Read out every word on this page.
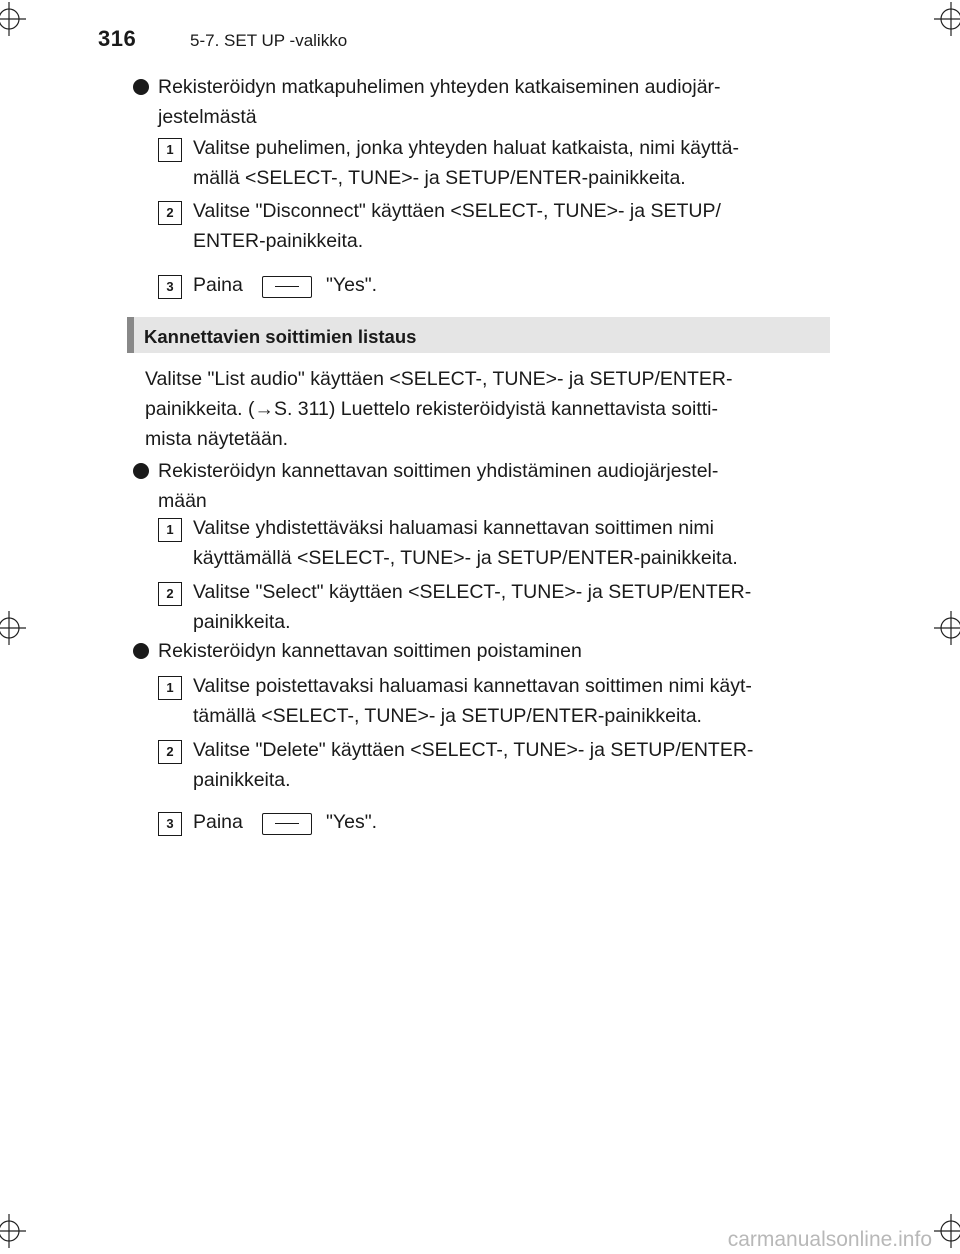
316	5-7. SET UP -valikko
Rekisteröidyn matkapuhelimen yhteyden katkaiseminen audiojär-
jestelmästä
1 Valitse puhelimen, jonka yhteyden haluat katkaista, nimi käyttä-
mällä <SELECT-, TUNE>- ja SETUP/ENTER-painikkeita.
2 Valitse "Disconnect" käyttäen <SELECT-, TUNE>- ja SETUP/
ENTER-painikkeita.
3 Paina	"Yes".
Kannettavien soittimien listaus
Valitse "List audio" käyttäen <SELECT-, TUNE>- ja SETUP/ENTER-
painikkeita. (→S. 311) Luettelo rekisteröidyistä kannettavista soitti-
mista näytetään.
Rekisteröidyn kannettavan soittimen yhdistäminen audiojärjestel-
mään
1 Valitse yhdistettäväksi haluamasi kannettavan soittimen nimi
käyttämällä <SELECT-, TUNE>- ja SETUP/ENTER-painikkeita.
2 Valitse "Select" käyttäen <SELECT-, TUNE>- ja SETUP/ENTER-
painikkeita.
Rekisteröidyn kannettavan soittimen poistaminen
1 Valitse poistettavaksi haluamasi kannettavan soittimen nimi käyt-
tämällä <SELECT-, TUNE>- ja SETUP/ENTER-painikkeita.
2 Valitse "Delete" käyttäen <SELECT-, TUNE>- ja SETUP/ENTER-
painikkeita.
3 Paina	"Yes".
carmanualsonline.info
